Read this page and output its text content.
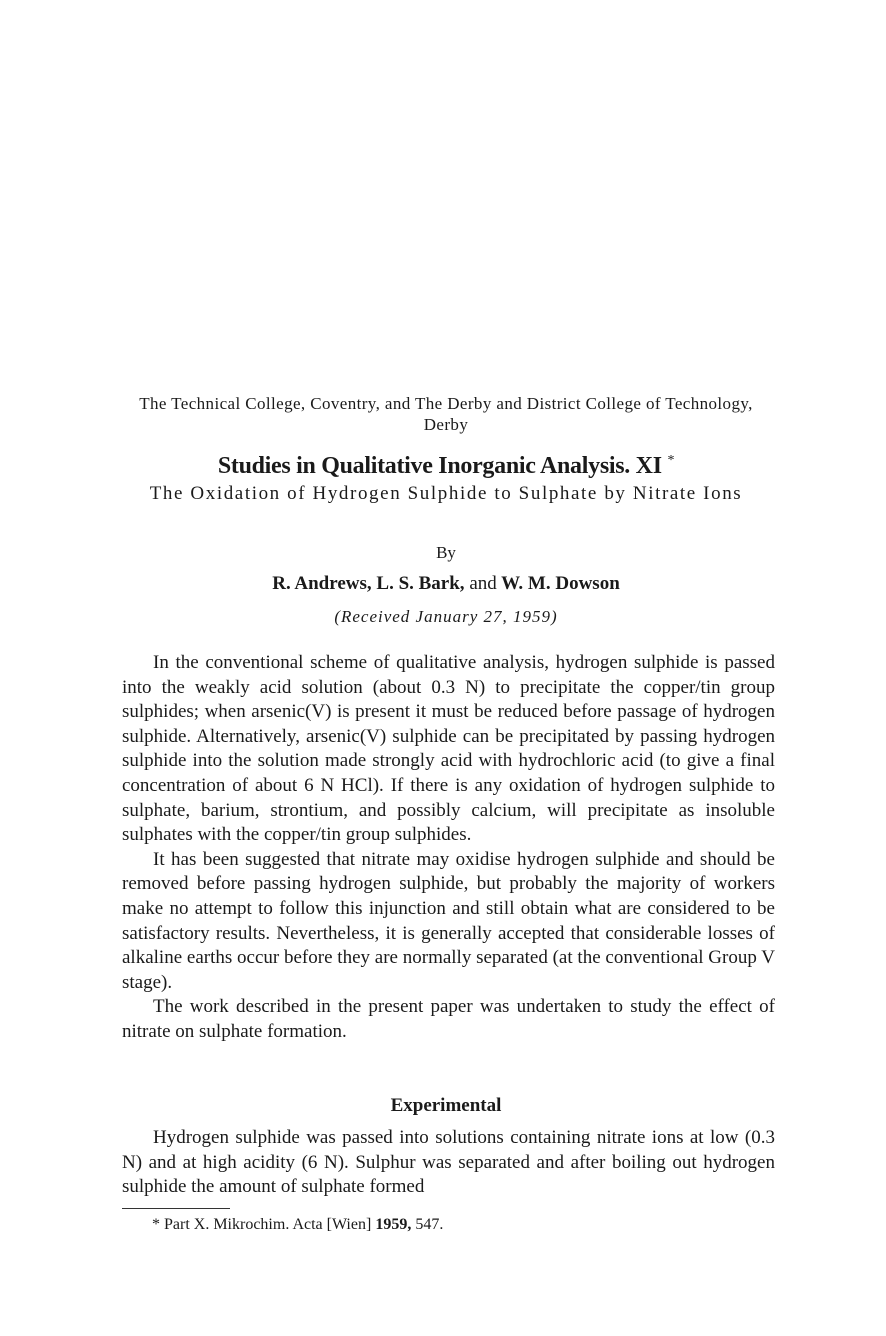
The Technical College, Coventry, and The Derby and District College of Technology, Derby
Studies in Qualitative Inorganic Analysis. XI *
The Oxidation of Hydrogen Sulphide to Sulphate by Nitrate Ions
By
R. Andrews, L. S. Bark, and W. M. Dowson
(Received January 27, 1959)

In the conventional scheme of qualitative analysis, hydrogen sulphide is passed into the weakly acid solution (about 0.3 N) to precipitate the copper/tin group sulphides; when arsenic(V) is present it must be reduced before passage of hydrogen sulphide. Alternatively, arsenic(V) sulphide can be precipitated by passing hydrogen sulphide into the solution made strongly acid with hydrochloric acid (to give a final concentration of about 6 N HCl). If there is any oxidation of hydrogen sulphide to sulphate, barium, strontium, and possibly calcium, will precipitate as insoluble sulphates with the copper/tin group sulphides.

It has been suggested that nitrate may oxidise hydrogen sulphide and should be removed before passing hydrogen sulphide, but probably the majority of workers make no attempt to follow this injunction and still obtain what are considered to be satisfactory results. Nevertheless, it is generally accepted that considerable losses of alkaline earths occur before they are normally separated (at the conventional Group V stage).

The work described in the present paper was undertaken to study the effect of nitrate on sulphate formation.

Experimental

Hydrogen sulphide was passed into solutions containing nitrate ions at low (0.3 N) and at high acidity (6 N). Sulphur was separated and after boiling out hydrogen sulphide the amount of sulphate formed

* Part X. Mikrochim. Acta [Wien] 1959, 547.
